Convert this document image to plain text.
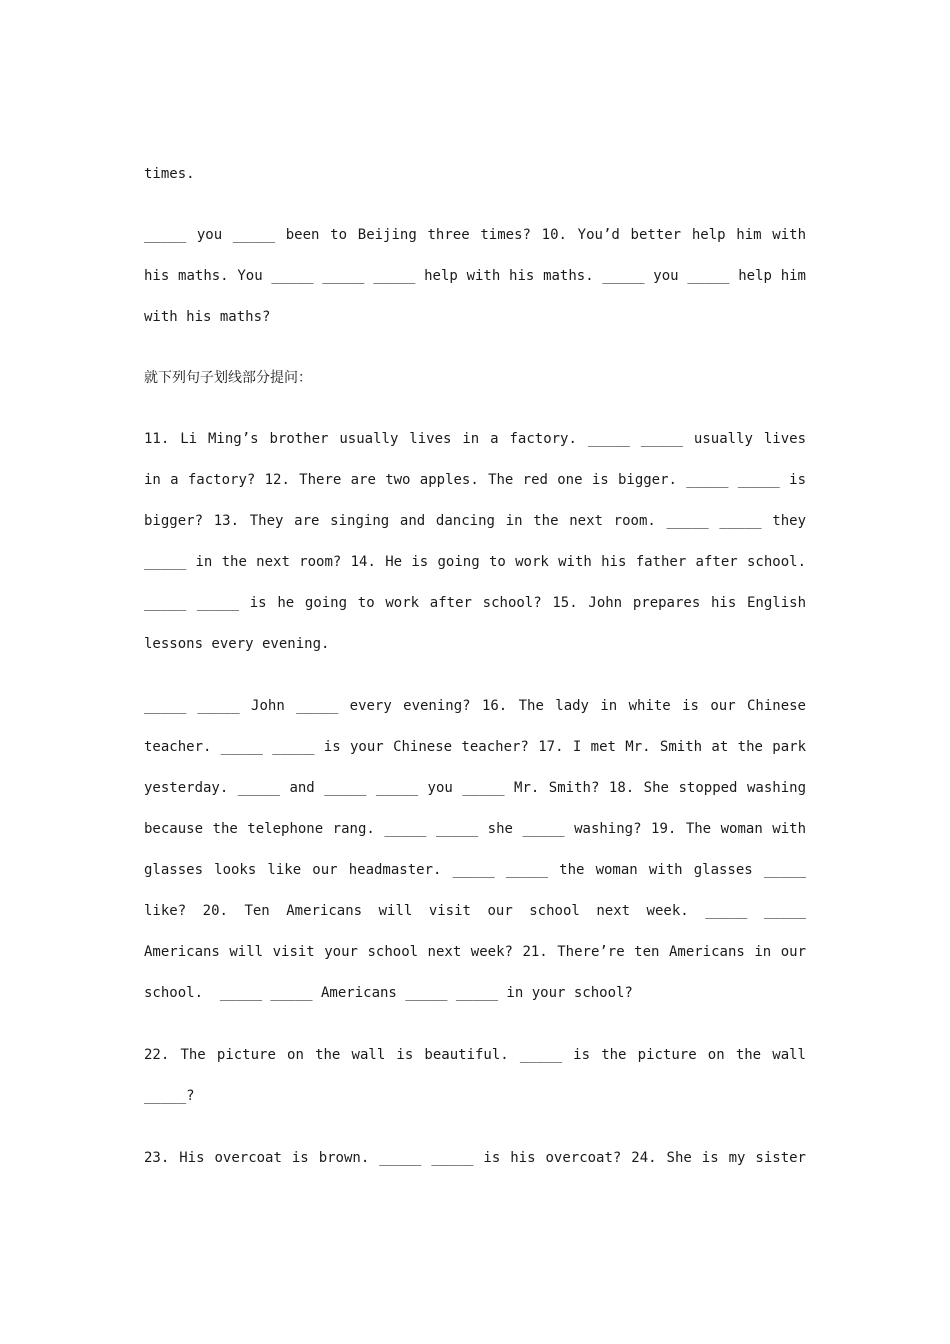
times.
_____ you _____ been to Beijing three times? 10. You’d better help him with
his maths. You _____ _____ _____ help with his maths. _____ you _____ help him
with his maths?
就下列句子划线部分提问：
11. Li Ming’s brother usually lives in a factory. _____ _____ usually lives
in a factory? 12. There are two apples. The red one is bigger. _____ _____ is
bigger? 13. They are singing and dancing in the next room. _____ _____ they
_____ in the next room? 14. He is going to work with his father after school.
_____ _____ is he going to work after school? 15. John prepares his English
lessons every evening.
_____ _____ John _____ every evening? 16. The lady in white is our Chinese
teacher. _____ _____ is your Chinese teacher? 17. I met Mr. Smith at the park
yesterday. _____ and _____ _____ you _____ Mr. Smith? 18. She stopped washing
because the telephone rang. _____ _____ she _____ washing? 19. The woman with
glasses looks like our headmaster. _____ _____ the woman with glasses _____
like? 20. Ten Americans will visit our school next week. _____ _____
Americans will visit your school next week? 21. There’re ten Americans in our
school.  _____ _____ Americans _____ _____ in your school?
22. The picture on the wall is beautiful. _____ is the picture on the wall
_____?
23. His overcoat is brown. _____ _____ is his overcoat? 24. She is my sister
